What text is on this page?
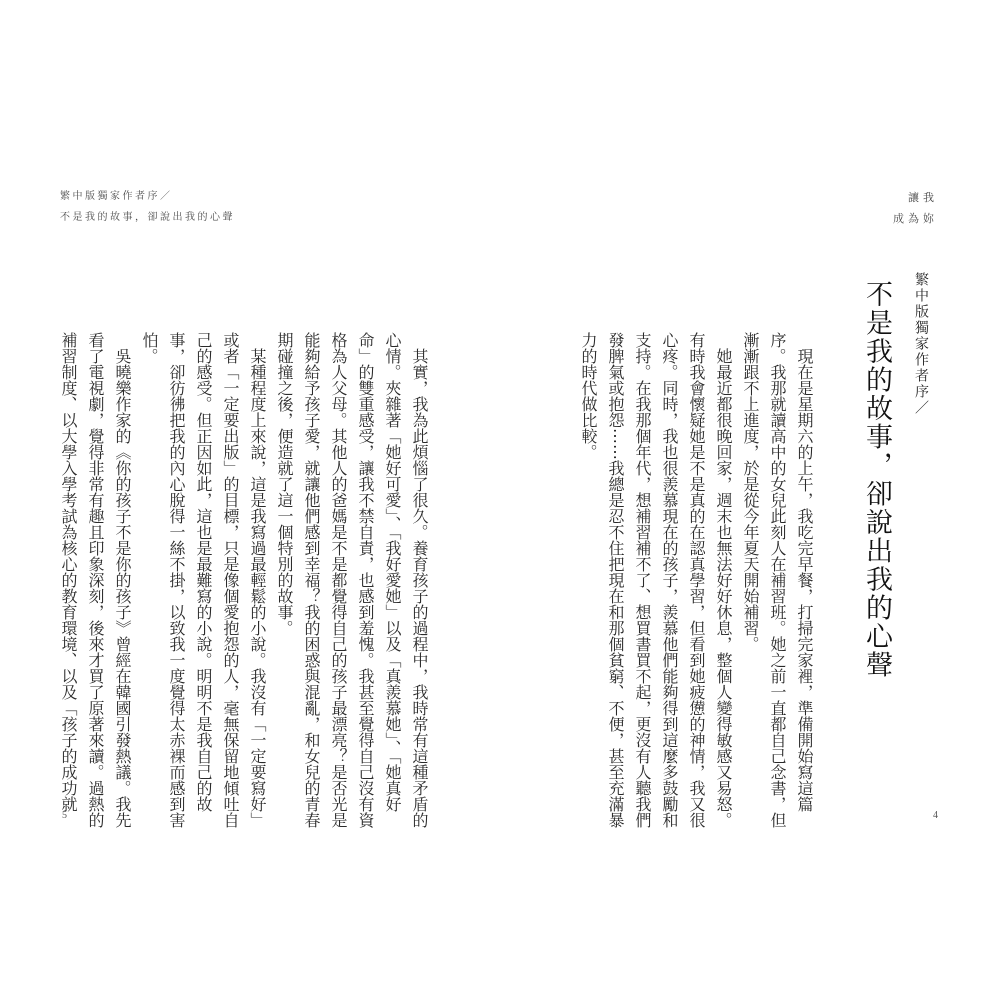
繁中版獨家作者序／
不是我的故事，卻說出我的心聲
讓我
成為妳
繁中版獨家作者序／
不是我的故事，卻說出我的心聲

現在是星期六的上午，我吃完早餐，打掃完家裡，準備開始寫這篇序。我那就讀高中的女兒此刻人在補習班。她之前一直都自己念書，但漸漸跟不上進度，於是從今年夏天開始補習。

她最近都很晚回家，週末也無法好好休息，整個人變得敏感又易怒。有時我會懷疑她是不是真的在認真學習，但看到她疲憊的神情，我又很心疼。同時，我也很羨慕現在的孩子，羨慕他們能夠得到這麼多鼓勵和支持。在我那個年代，想補習補不了、想買書買不起，更沒有人聽我們發脾氣或抱怨⋯⋯我總是忍不住把現在和那個貧窮、不便，甚至充滿暴力的時代做比較。

其實，我為此煩惱了很久。養育孩子的過程中，我時常有這種矛盾的心情。夾雜著「她好可愛」、「我好愛她」以及「真羨慕她」、「她真好命」的雙重感受，讓我不禁自責，也感到羞愧。我甚至覺得自己沒有資格為人父母。其他人的爸媽是不是都覺得自己的孩子最漂亮？是否光是能夠給予孩子愛，就讓他們感到幸福？我的困惑與混亂，和女兒的青春期碰撞之後，便造就了這一個特別的故事。

某種程度上來說，這是我寫過最輕鬆的小說。我沒有「一定要寫好」或者「一定要出版」的目標，只是像個愛抱怨的人，毫無保留地傾吐自己的感受。但正因如此，這也是最難寫的小說。明明不是我自己的故事，卻彷彿把我的內心脫得一絲不掛，以致我一度覺得太赤裸而感到害怕。

吳曉樂作家的《你的孩子不是你的孩子》曾經在韓國引發熱議。我先看了電視劇，覺得非常有趣且印象深刻，後來才買了原著來讀。過熱的補習制度、以大學入學考試為核心的教育環境、以及「孩子的成功就

5	4
